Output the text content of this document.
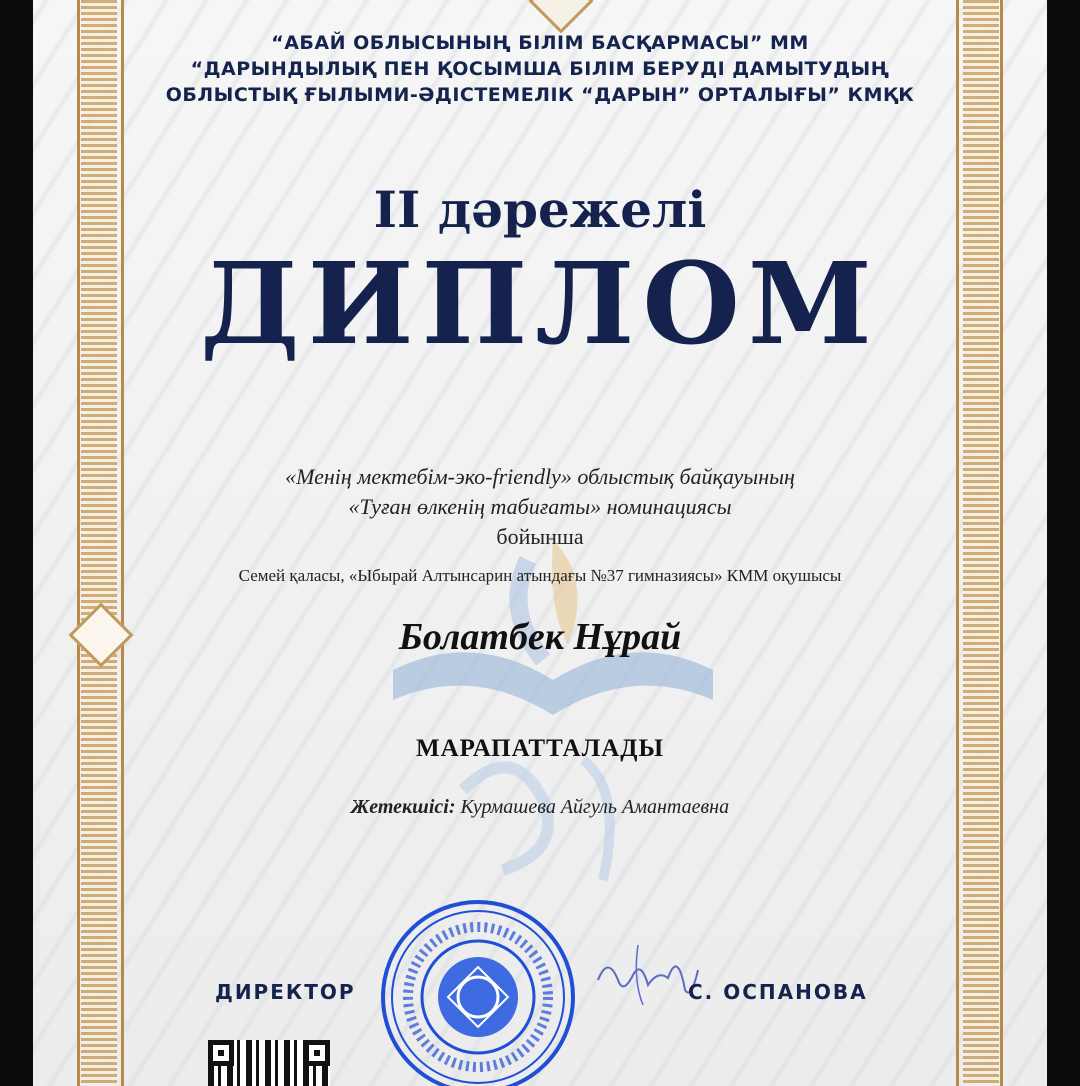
“АБАЙ ОБЛЫСЫНЫҢ БІЛІМ БАСҚАРМАСЫ” ММ
“ДАРЫНДЫЛЫҚ ПЕН ҚОСЫМША БІЛІМ БЕРУДІ ДАМЫТУДЫҢ
ОБЛЫСТЫҚ ҒЫЛЫМИ-ӘДІСТЕМЕЛІК “ДАРЫН” ОРТАЛЫҒЫ” КМҚК
II дәрежелі
ДИПЛОМ
«Менің мектебім-эко-friendly» облыстық байқауының
«Туған өлкенің табиғаты» номинациясы
бойынша
Семей қаласы, «Ыбырай Алтынсарин атындағы №37 гимназиясы» КММ оқушысы
Болатбек Нұрай
МАРАПАТТАЛАДЫ
Жетекшісі: Курмашева Айгуль Амантаевна
ДИРЕКТОР	С. ОСПАНОВА
